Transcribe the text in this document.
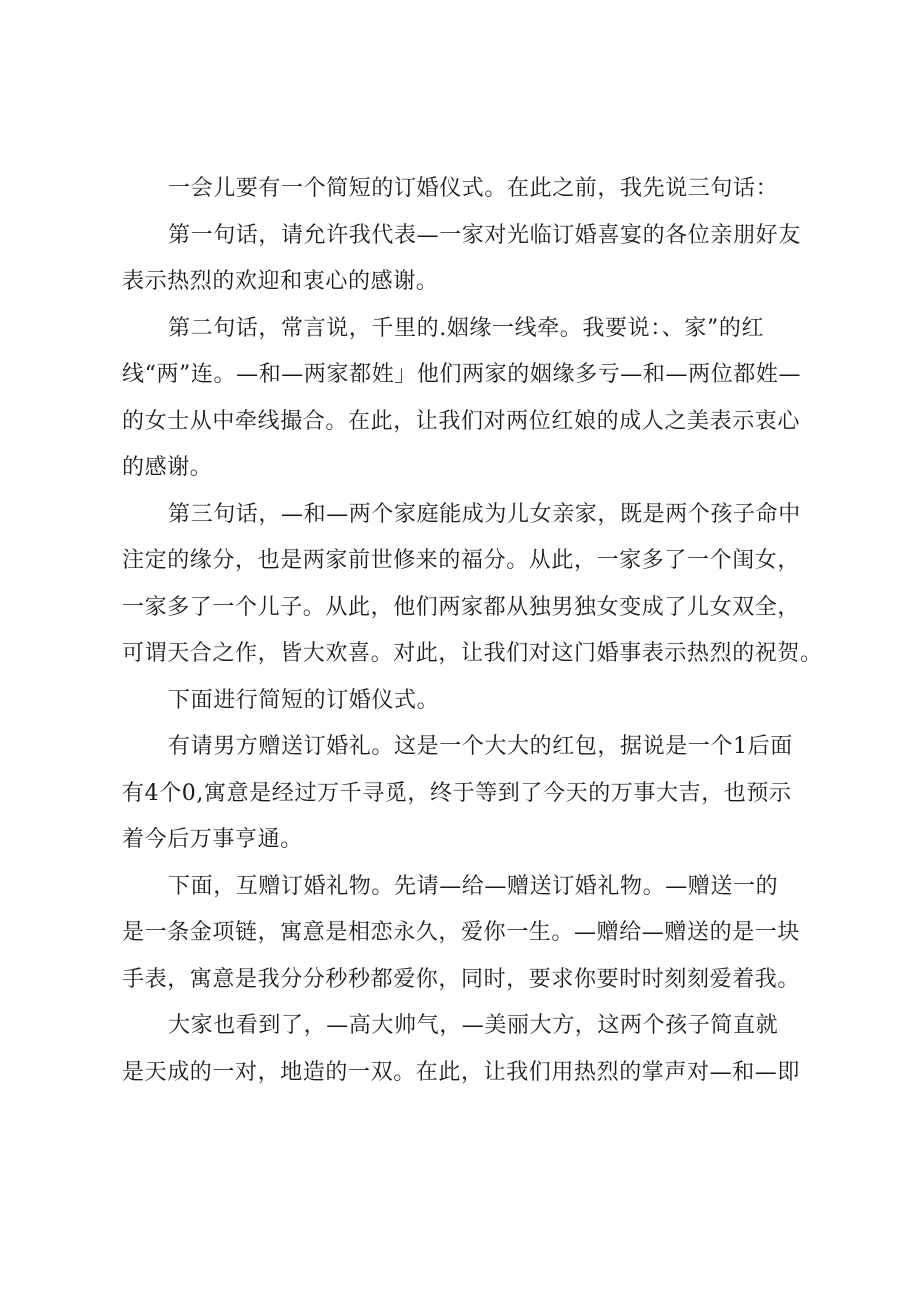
一会儿要有一个简短的订婚仪式。在此之前，我先说三句话：

第一句话，请允许我代表—一家对光临订婚喜宴的各位亲朋好友
表示热烈的欢迎和衷心的感谢。

第二句话，常言说，千里的.姻缘一线牵。我要说：、家”的红
线“两”连。—和—两家都姓」他们两家的姻缘多亏—和—两位都姓—
的女士从中牵线撮合。在此，让我们对两位红娘的成人之美表示衷心
的感谢。

第三句话，—和—两个家庭能成为儿女亲家，既是两个孩子命中
注定的缘分，也是两家前世修来的福分。从此，一家多了一个闺女，
一家多了一个儿子。从此，他们两家都从独男独女变成了儿女双全，
可谓天合之作，皆大欢喜。对此，让我们对这门婚事表示热烈的祝贺。

下面进行简短的订婚仪式。

有请男方赠送订婚礼。这是一个大大的红包，据说是一个1后面
有4个0,寓意是经过万千寻觅，终于等到了今天的万事大吉，也预示
着今后万事亨通。

下面，互赠订婚礼物。先请—给—赠送订婚礼物。—赠送一的
是一条金项链，寓意是相恋永久，爱你一生。—赠给—赠送的是一块
手表，寓意是我分分秒秒都爱你，同时，要求你要时时刻刻爱着我。

大家也看到了，—高大帅气，—美丽大方，这两个孩子简直就
是天成的一对，地造的一双。在此，让我们用热烈的掌声对—和—即
